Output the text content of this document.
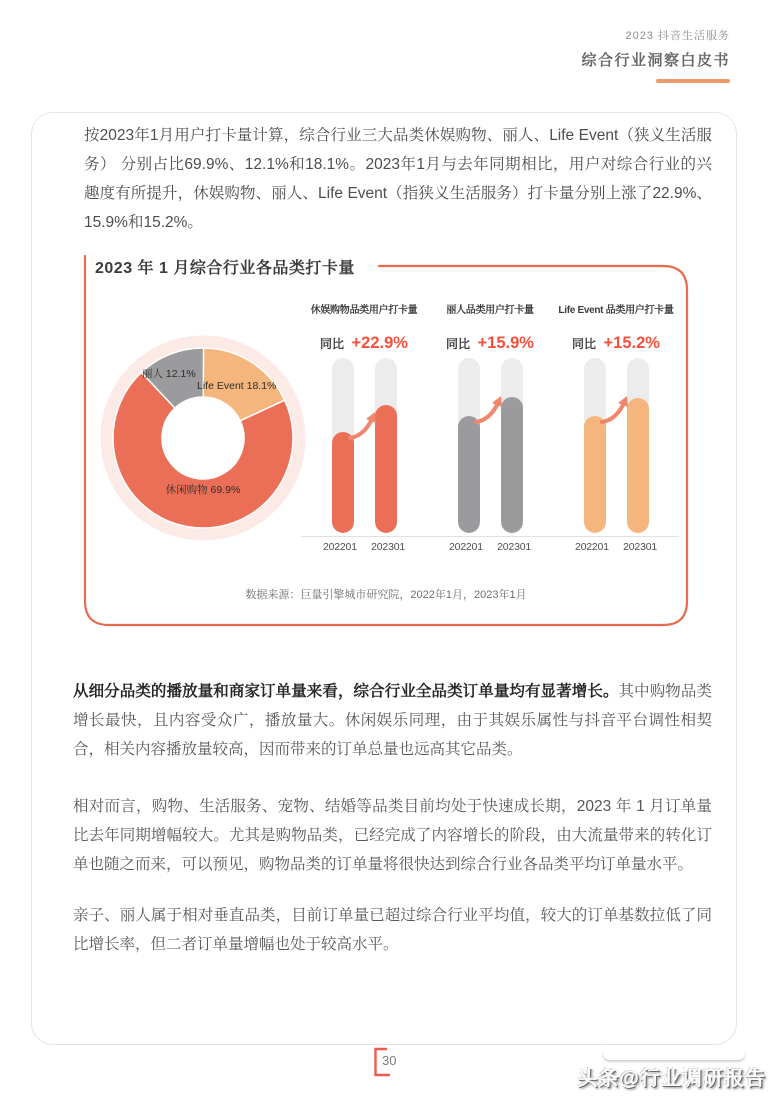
2023 抖音生活服务
综合行业洞察白皮书
按2023年1月用户打卡量计算，综合行业三大品类休娱购物、丽人、Life Event（狭义生活服务） 分别占比69.9%、12.1%和18.1%。2023年1月与去年同期相比，用户对综合行业的兴趣度有所提升，休娱购物、丽人、Life Event（指狭义生活服务）打卡量分别上涨了22.9%、15.9%和15.2%。
2023 年 1 月综合行业各品类打卡量
丽人 12.1%
Life Event 18.1%
休闲购物 69.9%
休娱购物品类用户打卡量
同比 +22.9%
202201 202301
丽人品类用户打卡量
同比 +15.9%
202201 202301
Life Event 品类用户打卡量
同比 +15.2%
202201 202301
数据来源：巨量引擎城市研究院，2022年1月，2023年1月
从细分品类的播放量和商家订单量来看，综合行业全品类订单量均有显著增长。其中购物品类增长最快，且内容受众广，播放量大。休闲娱乐同理，由于其娱乐属性与抖音平台调性相契合，相关内容播放量较高，因而带来的订单总量也远高其它品类。
相对而言，购物、生活服务、宠物、结婚等品类目前均处于快速成长期，2023 年 1 月订单量比去年同期增幅较大。尤其是购物品类，已经完成了内容增长的阶段，由大流量带来的转化订单也随之而来，可以预见，购物品类的订单量将很快达到综合行业各品类平均订单量水平。
亲子、丽人属于相对垂直品类，目前订单量已超过综合行业平均值，较大的订单基数拉低了同比增长率，但二者订单量增幅也处于较高水平。
30
头条@行业调研报告
